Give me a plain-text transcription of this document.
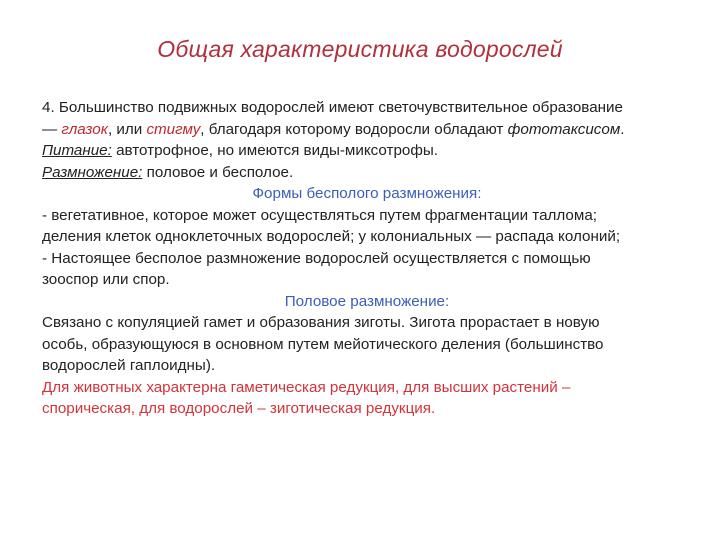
Общая характеристика водорослей
4. Большинство подвижных водорослей имеют светочувствительное образование
— глазок, или стигму, благодаря которому водоросли обладают фототаксисом.
Питание: автотрофное, но имеются виды-миксотрофы.
Размножение: половое и бесполое.
Формы бесполого размножения:
- вегетативное, которое может осуществляться путем фрагментации таллома;
деления клеток одноклеточных водорослей; у колониальных — распада колоний;
- Настоящее бесполое размножение водорослей осуществляется с помощью
зооспор или спор.
Половое размножение:
Связано с копуляцией гамет и образования зиготы. Зигота прорастает в новую
особь, образующуюся в основном путем мейотического деления (большинство
водорослей гаплоидны).
Для животных характерна гаметическая редукция, для высших растений –
спорическая, для водорослей – зиготическая редукция.
